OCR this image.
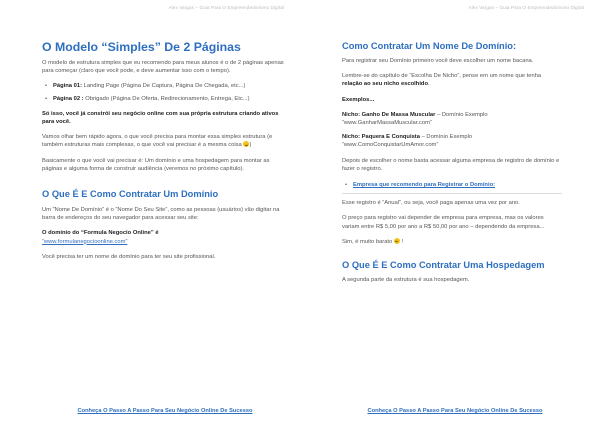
Alex Vargas – Guia Para O Empreendedorismo Digital
O Modelo “Simples” De 2 Páginas

O modelo de estrutura simples que eu recomendo para meus alunos é o de 2 páginas apenas para começar (claro que você pode, e deve aumentar isso com o tempo).

• Página 01: Landing Page (Página De Captura, Página De Chegada, etc...)
• Página 02 : Obrigado (Página De Oferta, Redirecionamento, Entrega, Etc...)

Só isso, você já constrói seu negócio online com sua própria estrutura criando ativos para você.

Vamos olhar bem rápido agora, o que você precisa para montar essa simples estrutura (e também estruturas mais complexas, o que você vai precisar é a mesma coisa )

Basicamente o que você vai precisar é: Um domínio e uma hospedagem para montar as páginas e alguma forma de construir audiência (veremos no próximo capítulo).

O Que É E Como Contratar Um Domínio

Um “Nome De Domínio” é o “Nome Do Seu Site”, como as pessoas (usuários) vão digitar na barra de endereços do seu navegador para acessar seu site:

O domínio do “Formula Negocio Online” é
“www.formulanegocioonline.com”

Você precisa ter um nome de domínio para ter seu site profissional.

Conheça O Passo A Passo Para Seu Negócio Online De Sucesso
Alex Vargas – Guia Para O Empreendedorismo Digital
Como Contratar Um Nome De Domínio:

Para registrar seu Domínio primeiro você deve escolher um nome bacana.

Lembre-se do capítulo de “Escolha De Nicho”, pense em um nome que tenha relação ao seu nicho escolhido.

Exemplos...

Nicho: Ganho De Massa Muscular – Domínio Exemplo “www.GanharMassaMuscular.com”

Nicho: Paquera E Conquista – Domínio Exemplo “www.ComoConquistarUmAmor.com”

Depois de escolher o nome basta acessar alguma empresa de registro de domínio e fazer o registro.

• Empresa que recomendo para Registrar o Domínio:

Esse registro é “Anual”, ou seja, você paga apenas uma vez por ano.

O preço para registro vai depender de empresa para empresa, mas os valores variam entre R$ 5,00 por ano a R$ 50,00 por ano – dependendo da empresa...

Sim, é muito barato  !

O Que É E Como Contratar Uma Hospedagem

A segunda parte da estrutura é sua hospedagem.

Conheça O Passo A Passo Para Seu Negócio Online De Sucesso
